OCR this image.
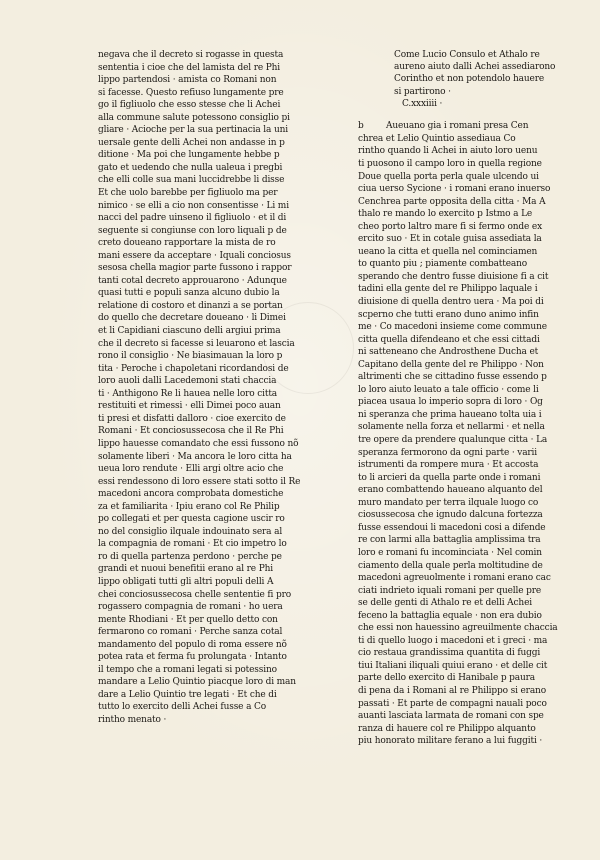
negava che il decreto si rogasse in questa
sententia i cioe che del lamista del re Phi
lippo partendosi · amista co Romani non
si facesse. Questo refiuso lungamente pre
go il figliuolo che esso stesse che li Achei
alla commune salute potessono consiglio pi
gliare · Acioche per la sua pertinacia la uni
uersale gente delli Achei non andasse in p
ditione · Ma poi che lungamente hebbe p
gato et uedendo che nulla ualeua i pregbi
che elli colle sua mani luccidrebbe li disse
Et che uolo barebbe per figliuolo ma per
nimico · se elli a cio non consentisse · Li mi
nacci del padre uinseno il figliuolo · et il di
seguente si congiunse con loro liquali p de
creto doueano rapportare la mista de ro
mani essere da acceptare · Iquali conciosus
sesosa chella magior parte fussono i rappor
tanti cotal decreto approuarono · Adunque
quasi tutti e populi sanza alcuno dubio la
relatione di costoro et dinanzi a se portan
do quello che decretare doueano · li Dimei
et li Capidiani ciascuno delli argiui prima
che il decreto si facesse si leuarono et lascia
rono il consiglio · Ne biasimauan la loro p
tita · Peroche i chapoletani ricordandosi de
loro auoli dalli Lacedemoni stati chaccia
ti · Anthigono Re li hauea nelle loro citta
restituiti et rimessi · elli Dimei poco auan
ti presi et disfatti dalloro · cioe exercito de
Romani · Et conciosussecosa che il Re Phi
lippo hauesse comandato che essi fussono nõ
solamente liberi · Ma ancora le loro citta ha
ueua loro rendute · Elli argi oltre acio che
essi rendessono di loro essere stati sotto il Re
macedoni ancora comprobata domestiche
za et familiarita · Ipiu erano col Re Philip
po collegati et per questa cagione uscir ro
no del consiglio ilquale indouinato sera al
la compagnia de romani · Et cio impetro lo
ro di quella partenza perdono · perche pe
grandi et nuoui benefitii erano al re Phi
lippo obligati tutti gli altri populi delli A
chei conciosussecosa chelle sententie fi pro
rogassero compagnia de romani · ho uera
mente Rhodiani · Et per quello detto con
fermarono co romani · Perche sanza cotal
mandamento del populo di roma essere nõ
potea rata et ferma fu prolungata · Intanto
il tempo che a romani legati si potessino
mandare a Lelio Quintio piacque loro di man
dare a Lelio Quintio tre legati · Et che di
tutto lo exercito delli Achei fusse a Co
rintho menato ·
Come Lucio Consulo et Athalo re
aureno aiuto dalli Achei assediarono
Corintho et non potendolo hauere
si partirono ·
C.xxxiiii ·
b Aueuano gia i romani presa Cen
chrea et Lelio Quintio assediaua Co
rintho quando li Achei in aiuto loro uenu
ti puosono il campo loro in quella regione
Doue quella porta perla quale ulcendo ui
ciua uerso Sycione · i romani erano inuerso
Cenchrea parte opposita della citta · Ma A
thalo re mando lo exercito p Istmo a Le
cheo porto laltro mare fi si fermo onde ex
ercito suo · Et in cotale guisa assediata la
ueano la citta et quella nel cominciamen
to quanto piu ; piamente combatteano
sperando che dentro fusse diuisione fi a cit
tadini ella gente del re Philippo laquale i
diuisione di quella dentro uera · Ma poi di
scperno che tutti erano duno animo infin
me · Co macedoni insieme come commune
citta quella difendeano et che essi cittadi
ni satteneano che Androsthene Ducha et
Capitano della gente del re Philippo · Non
altrimenti che se cittadino fusse essendo p
lo loro aiuto leuato a tale officio · come li
piacea usaua lo imperio sopra di loro · Og
ni speranza che prima haueano tolta uia i
solamente nella forza et nellarmi · et nella
tre opere da prendere qualunque citta · La
speranza fermorono da ogni parte · varii
istrumenti da rompere mura · Et accosta
to li arcieri da quella parte onde i romani
erano combattendo haueano alquanto del
muro mandato per terra ilquale luogo co
ciosussecosa che ignudo dalcuna fortezza
fusse essendoui li macedoni cosi a difende
re con larmi alla battaglia amplissima tra
loro e romani fu incominciata · Nel comin
ciamento della quale perla moltitudine de
macedoni agreuolmente i romani erano cac
ciati indrieto iquali romani per quelle pre
se delle genti di Athalo re et delli Achei
feceno la battaglia equale · non era dubio
che essi non hauessino agreuilmente chaccia
ti di quello luogo i macedoni et i greci · ma
cio restaua grandissima quantita di fuggi
tiui Italiani iliquali quiui erano · et delle cit
parte dello exercito di Hanibale p paura
di pena da i Romani al re Philippo si erano
passati · Et parte de compagni nauali poco
auanti lasciata larmata de romani con spe
ranza di hauere col re Philippo alquanto
piu honorato militare ferano a lui fuggiti ·
